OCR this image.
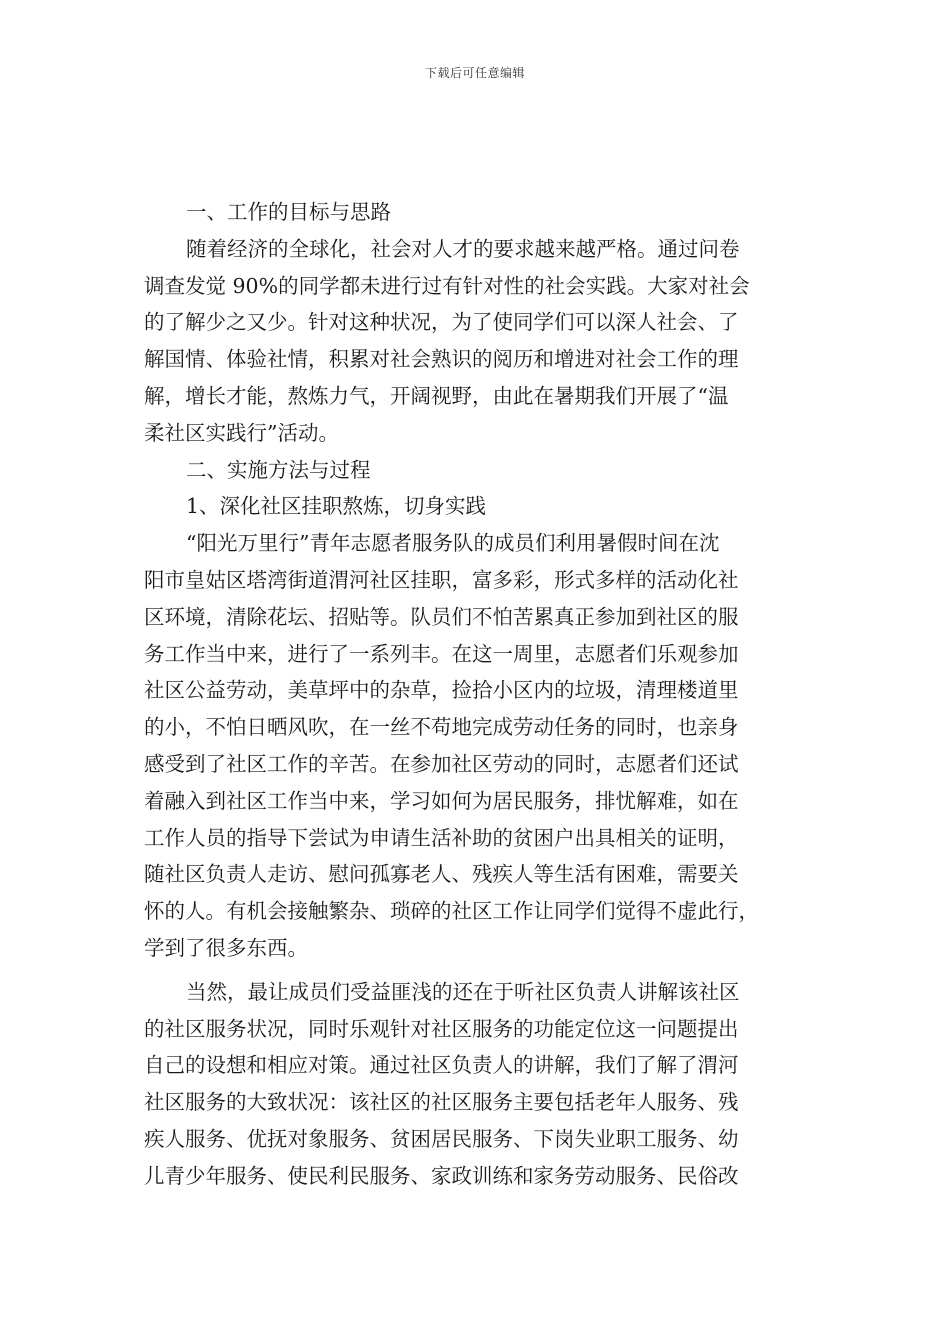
下载后可任意编辑
一、工作的目标与思路
随着经济的全球化，社会对人才的要求越来越严格。通过问卷
调查发觉 90%的同学都未进行过有针对性的社会实践。大家对社会
的了解少之又少。针对这种状况，为了使同学们可以深人社会、了
解国情、体验社情，积累对社会熟识的阅历和增进对社会工作的理
解，增长才能，熬炼力气，开阔视野，由此在暑期我们开展了“温
柔社区实践行”活动。
二、实施方法与过程
1、深化社区挂职熬炼，切身实践
“阳光万里行”青年志愿者服务队的成员们利用暑假时间在沈
阳市皇姑区塔湾街道渭河社区挂职，富多彩，形式多样的活动化社
区环境，清除花坛、招贴等。队员们不怕苦累真正参加到社区的服
务工作当中来，进行了一系列丰。在这一周里，志愿者们乐观参加
社区公益劳动，美草坪中的杂草，捡拾小区内的垃圾，清理楼道里
的小，不怕日晒风吹，在一丝不苟地完成劳动任务的同时，也亲身
感受到了社区工作的辛苦。在参加社区劳动的同时，志愿者们还试
着融入到社区工作当中来，学习如何为居民服务，排忧解难，如在
工作人员的指导下尝试为申请生活补助的贫困户出具相关的证明，
随社区负责人走访、慰问孤寡老人、残疾人等生活有困难，需要关
怀的人。有机会接触繁杂、琐碎的社区工作让同学们觉得不虚此行，
学到了很多东西。
当然，最让成员们受益匪浅的还在于听社区负责人讲解该社区
的社区服务状况，同时乐观针对社区服务的功能定位这一问题提出
自己的设想和相应对策。通过社区负责人的讲解，我们了解了渭河
社区服务的大致状况：该社区的社区服务主要包括老年人服务、残
疾人服务、优抚对象服务、贫困居民服务、下岗失业职工服务、幼
儿青少年服务、使民利民服务、家政训练和家务劳动服务、民俗改
